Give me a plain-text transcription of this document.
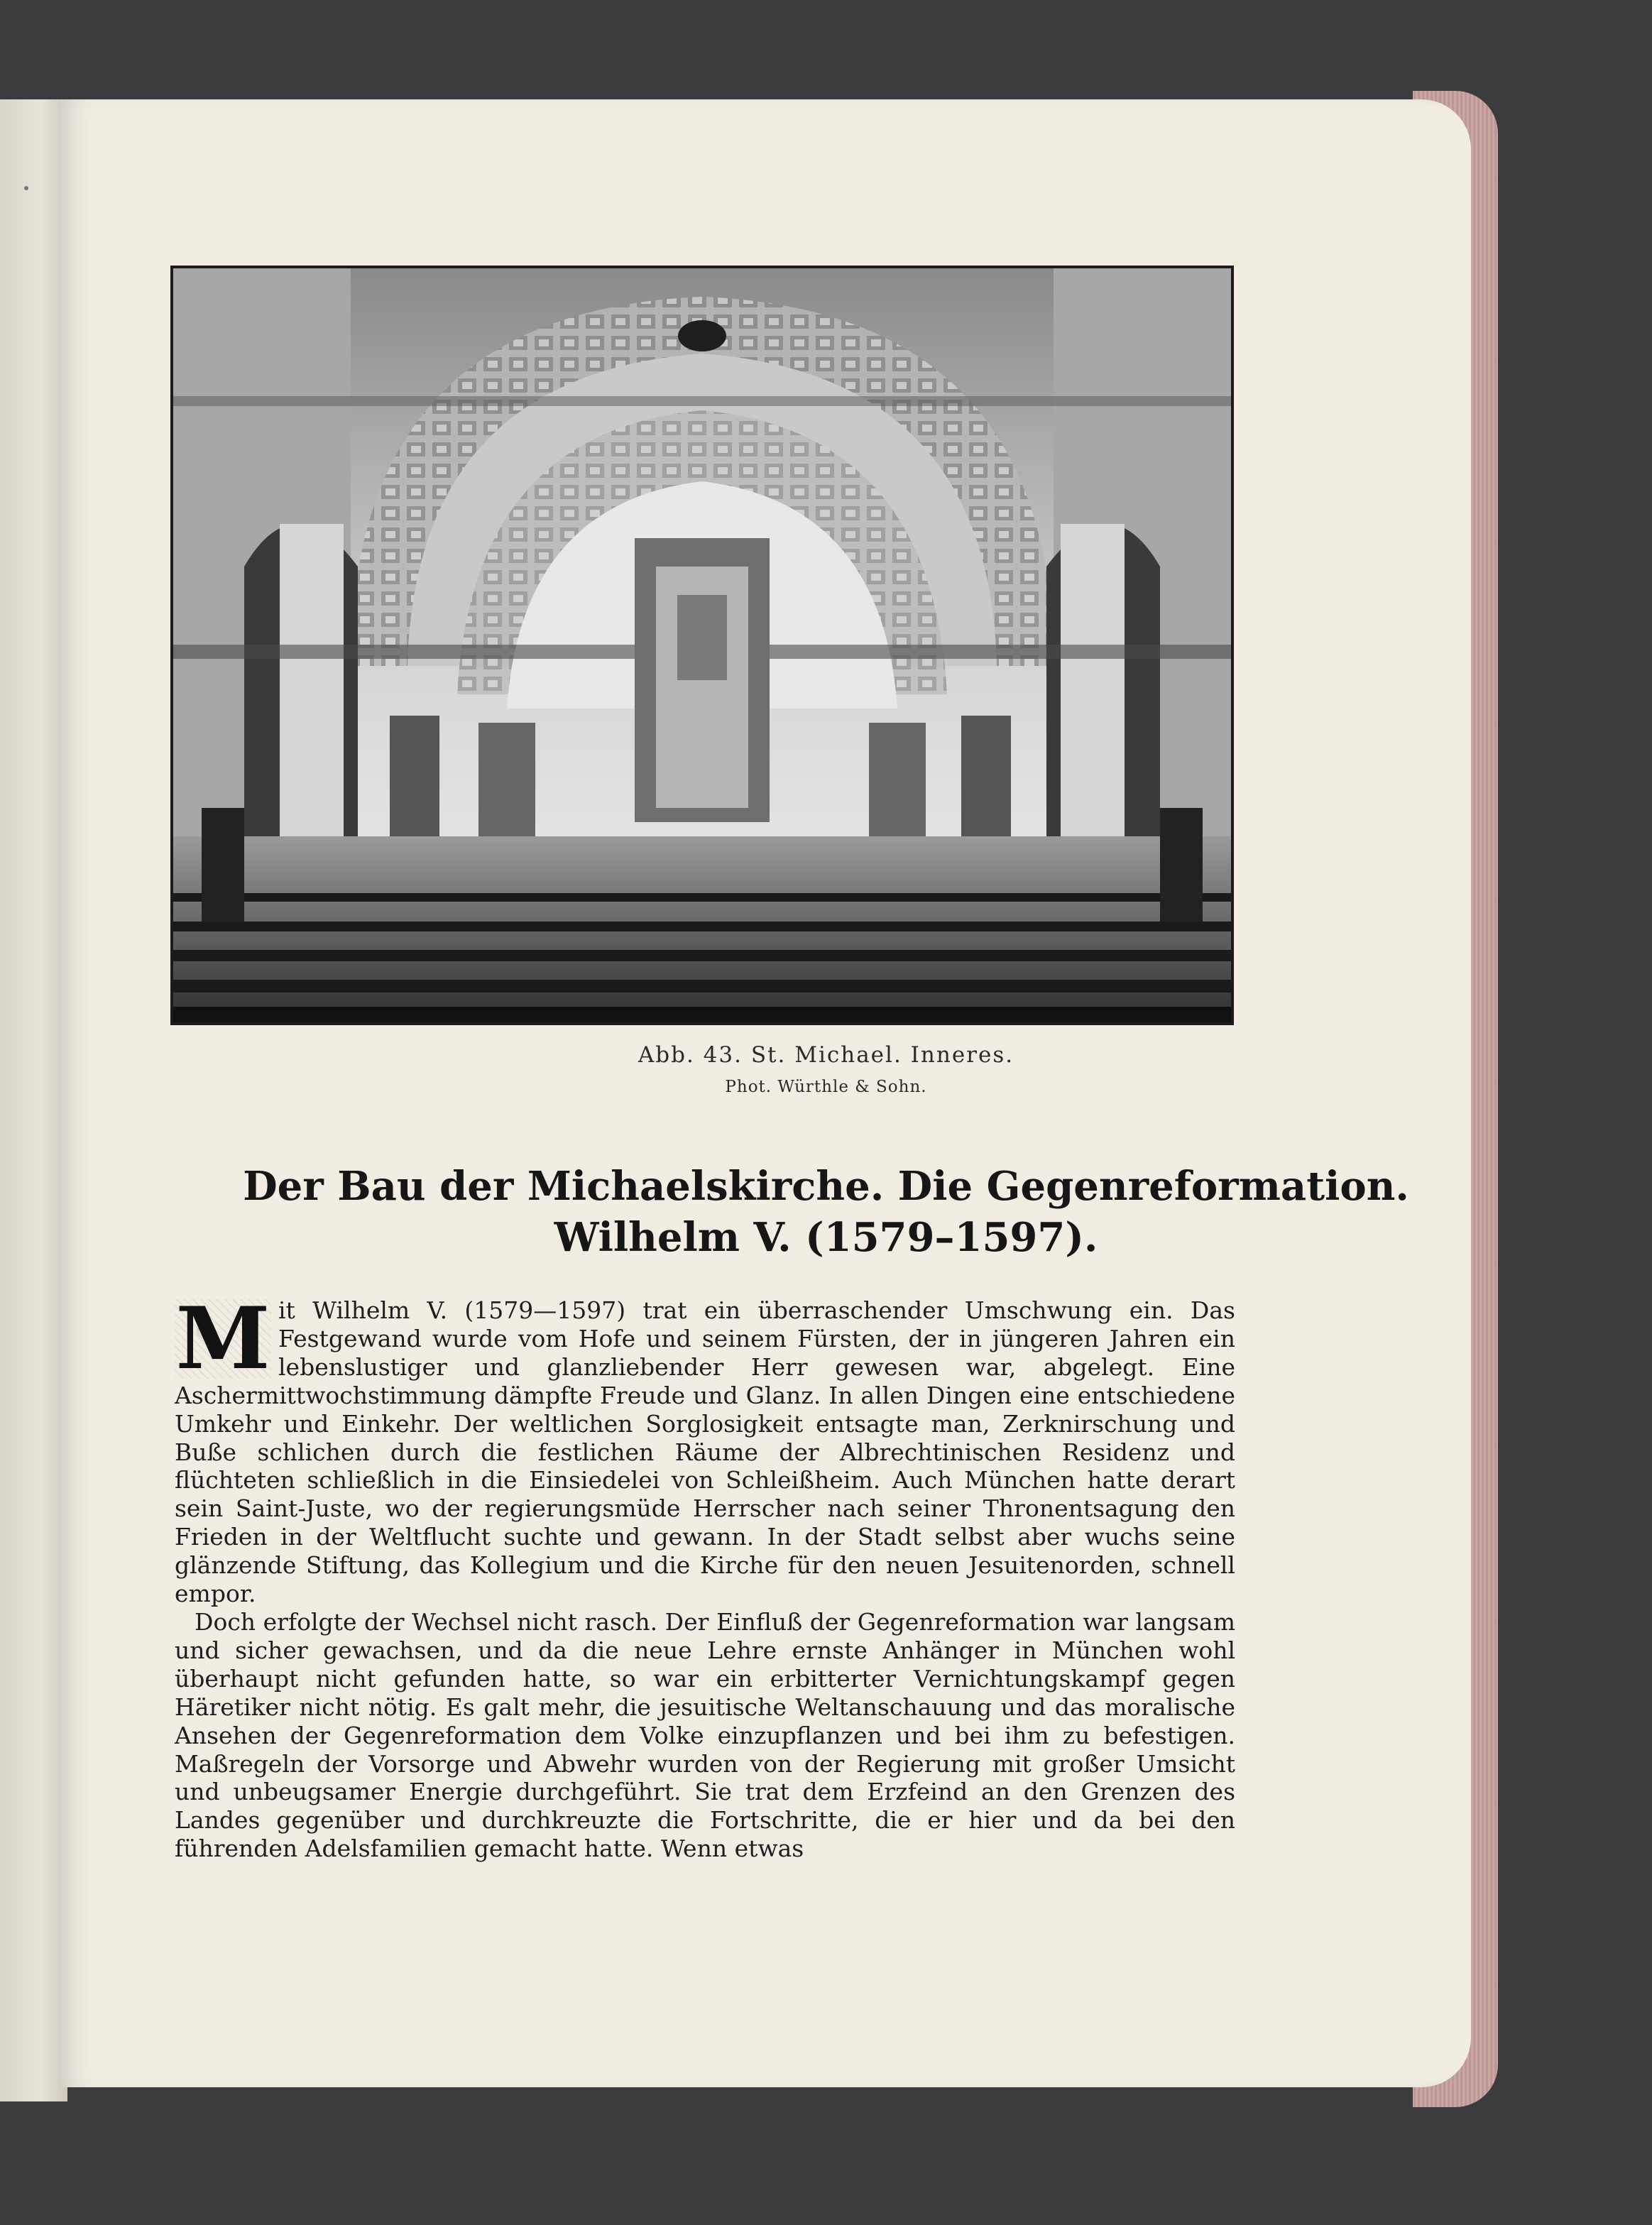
Abb. 43. St. Michael. Inneres.
Phot. Würthle & Sohn.
Der Bau der Michaelskirche. Die Gegenreformation.
Wilhelm V. (1579–1597).

M it Wilhelm V. (1579—1597) trat ein überraschender Umschwung ein. Das Festgewand wurde vom Hofe und seinem Fürsten, der in jüngeren Jahren ein lebenslustiger und glanzliebender Herr gewesen war, abgelegt. Eine Aschermittwochstimmung dämpfte Freude und Glanz. In allen Dingen eine entschiedene Umkehr und Einkehr. Der weltlichen Sorglosigkeit entsagte man, Zerknirschung und Buße schlichen durch die festlichen Räume der Albrechtinischen Residenz und flüchteten schließlich in die Einsiedelei von Schleißheim. Auch München hatte derart sein Saint-Juste, wo der regierungsmüde Herrscher nach seiner Thronentsagung den Frieden in der Weltflucht suchte und gewann. In der Stadt selbst aber wuchs seine glänzende Stiftung, das Kollegium und die Kirche für den neuen Jesuitenorden, schnell empor.

Doch erfolgte der Wechsel nicht rasch. Der Einfluß der Gegenreformation war langsam und sicher gewachsen, und da die neue Lehre ernste Anhänger in München wohl überhaupt nicht gefunden hatte, so war ein erbitterter Vernichtungskampf gegen Häretiker nicht nötig. Es galt mehr, die jesuitische Weltanschauung und das moralische Ansehen der Gegenreformation dem Volke einzupflanzen und bei ihm zu befestigen. Maßregeln der Vorsorge und Abwehr wurden von der Regierung mit großer Umsicht und unbeugsamer Energie durchgeführt. Sie trat dem Erzfeind an den Grenzen des Landes gegenüber und durchkreuzte die Fortschritte, die er hier und da bei den führenden Adelsfamilien gemacht hatte. Wenn etwas
